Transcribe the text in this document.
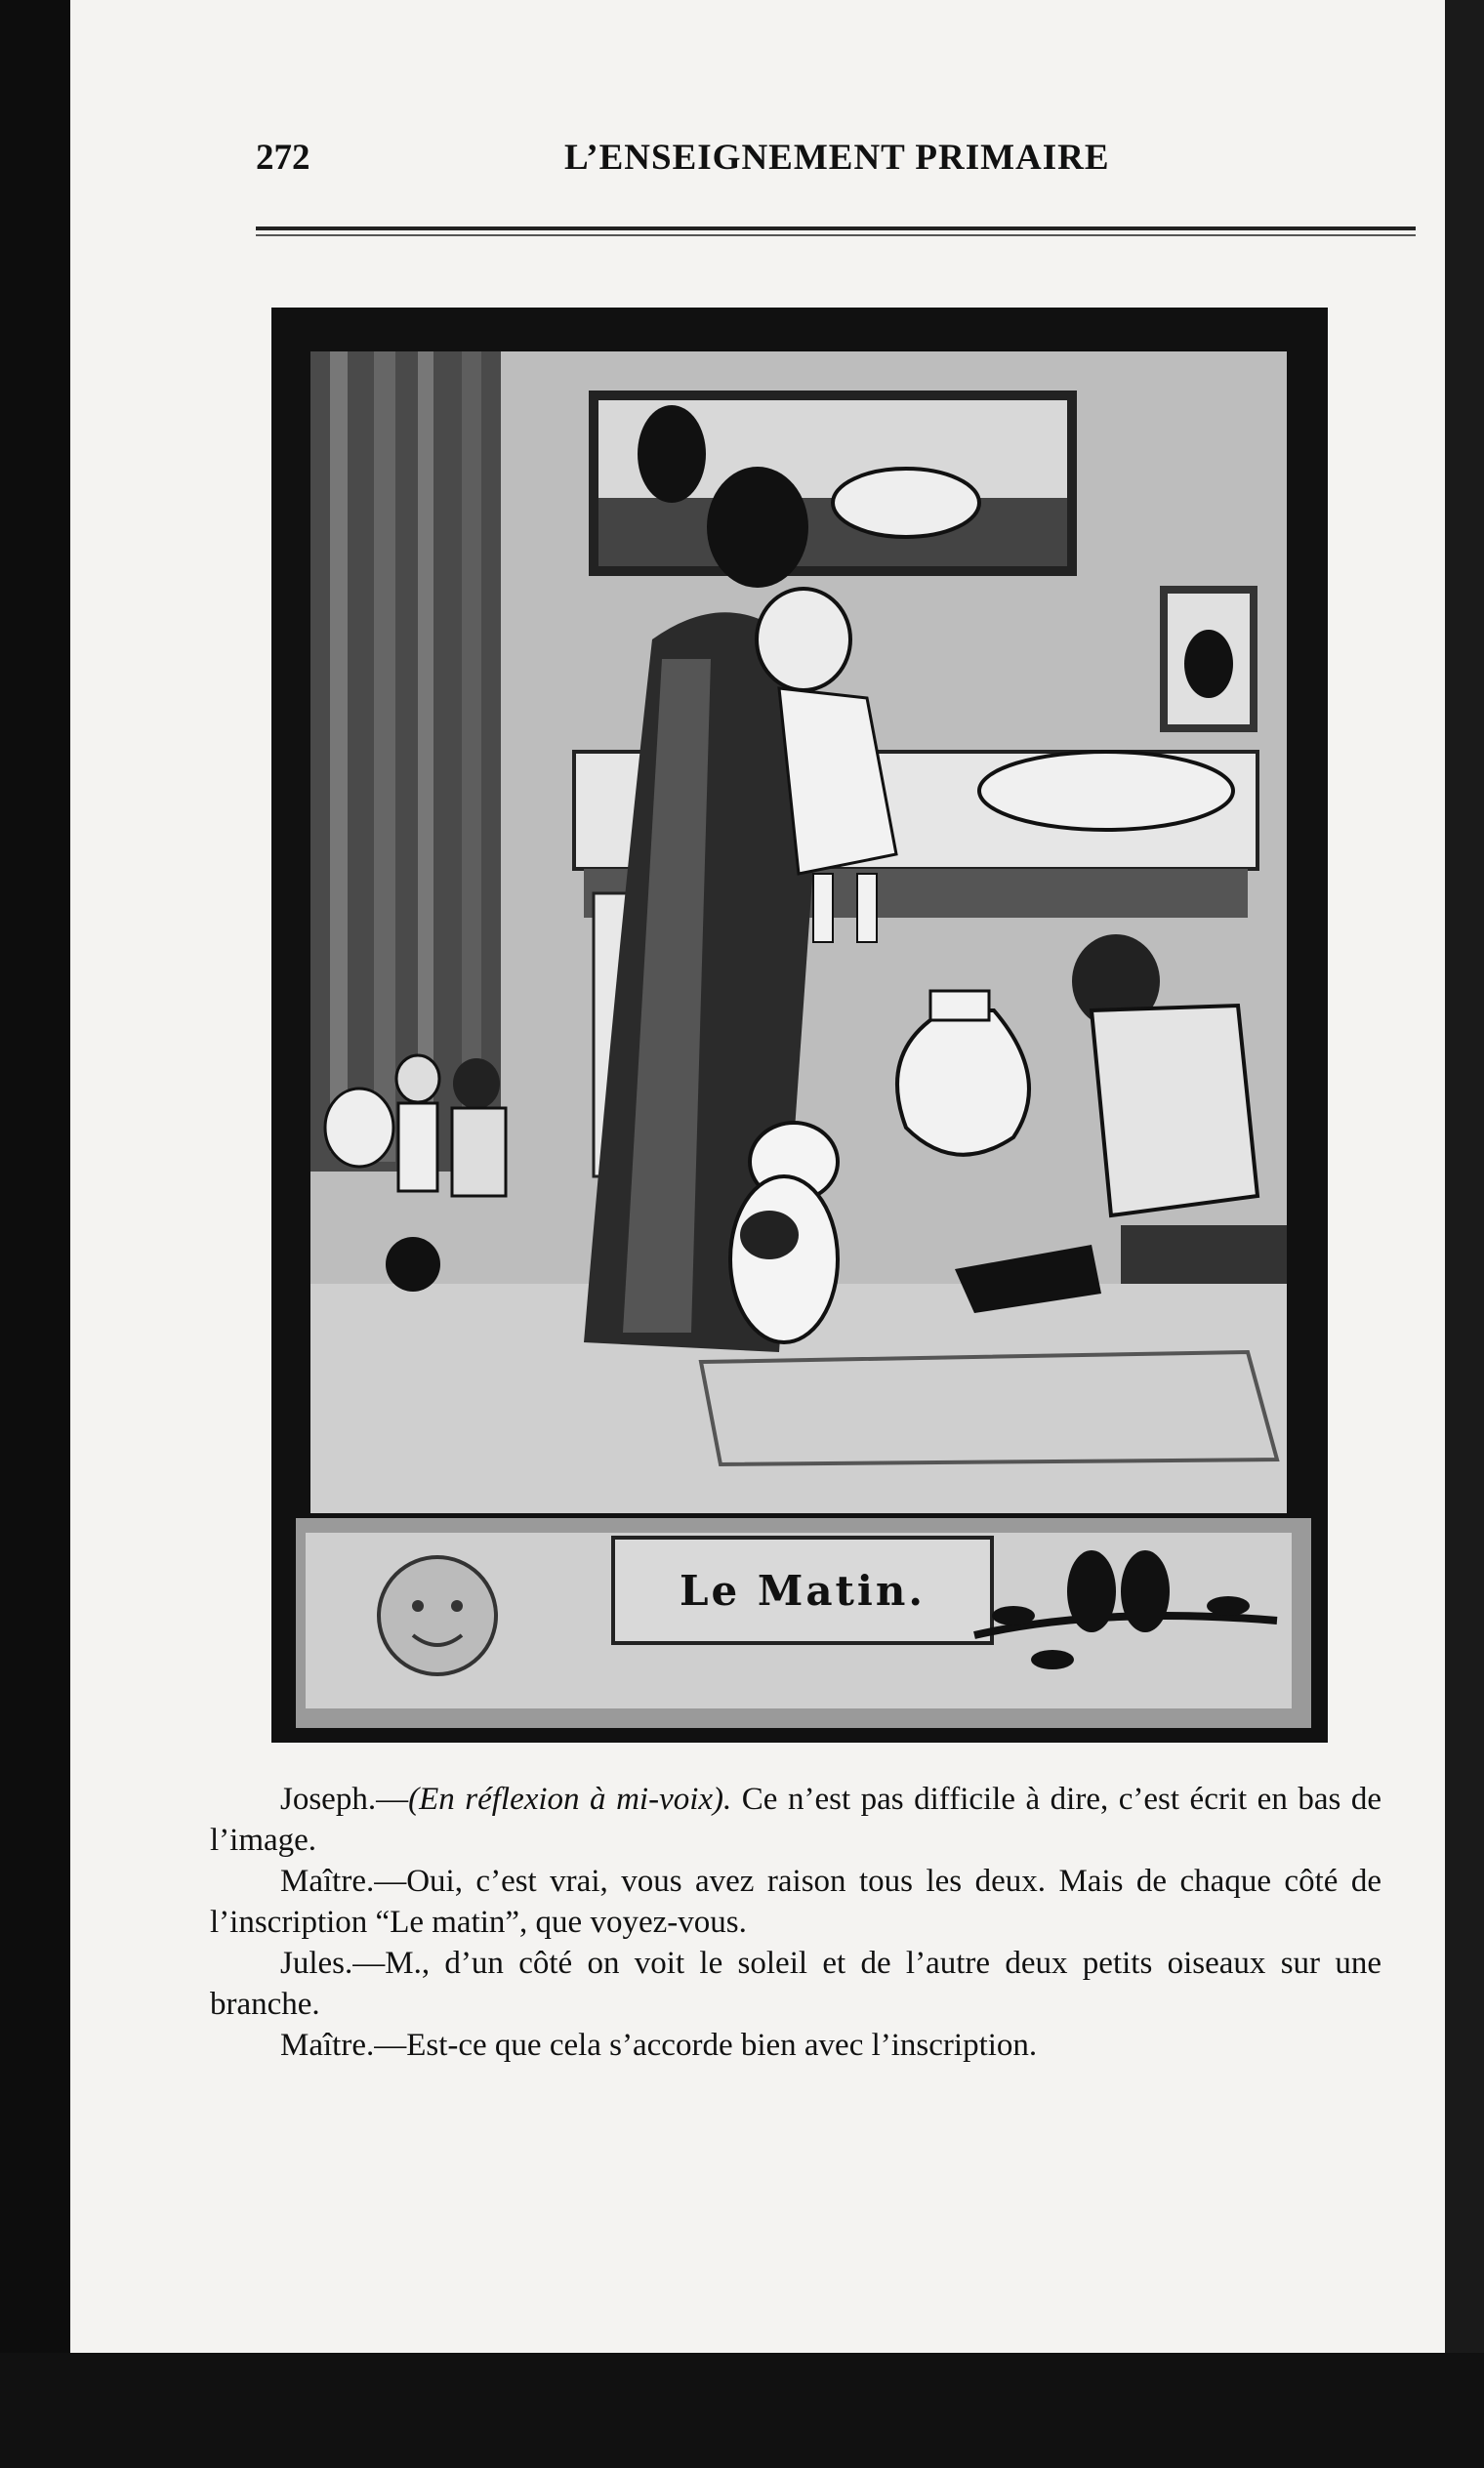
272	L’ENSEIGNEMENT PRIMAIRE
Le Matin.

Joseph.—(En réflexion à mi-voix). Ce n’est pas difficile à dire, c’est écrit en bas de l’image.

Maître.—Oui, c’est vrai, vous avez raison tous les deux. Mais de chaque côté de l’inscription “Le matin”, que voyez-vous.

Jules.—M., d’un côté on voit le soleil et de l’autre deux petits oiseaux sur une branche.

Maître.—Est-ce que cela s’accorde bien avec l’inscription.
